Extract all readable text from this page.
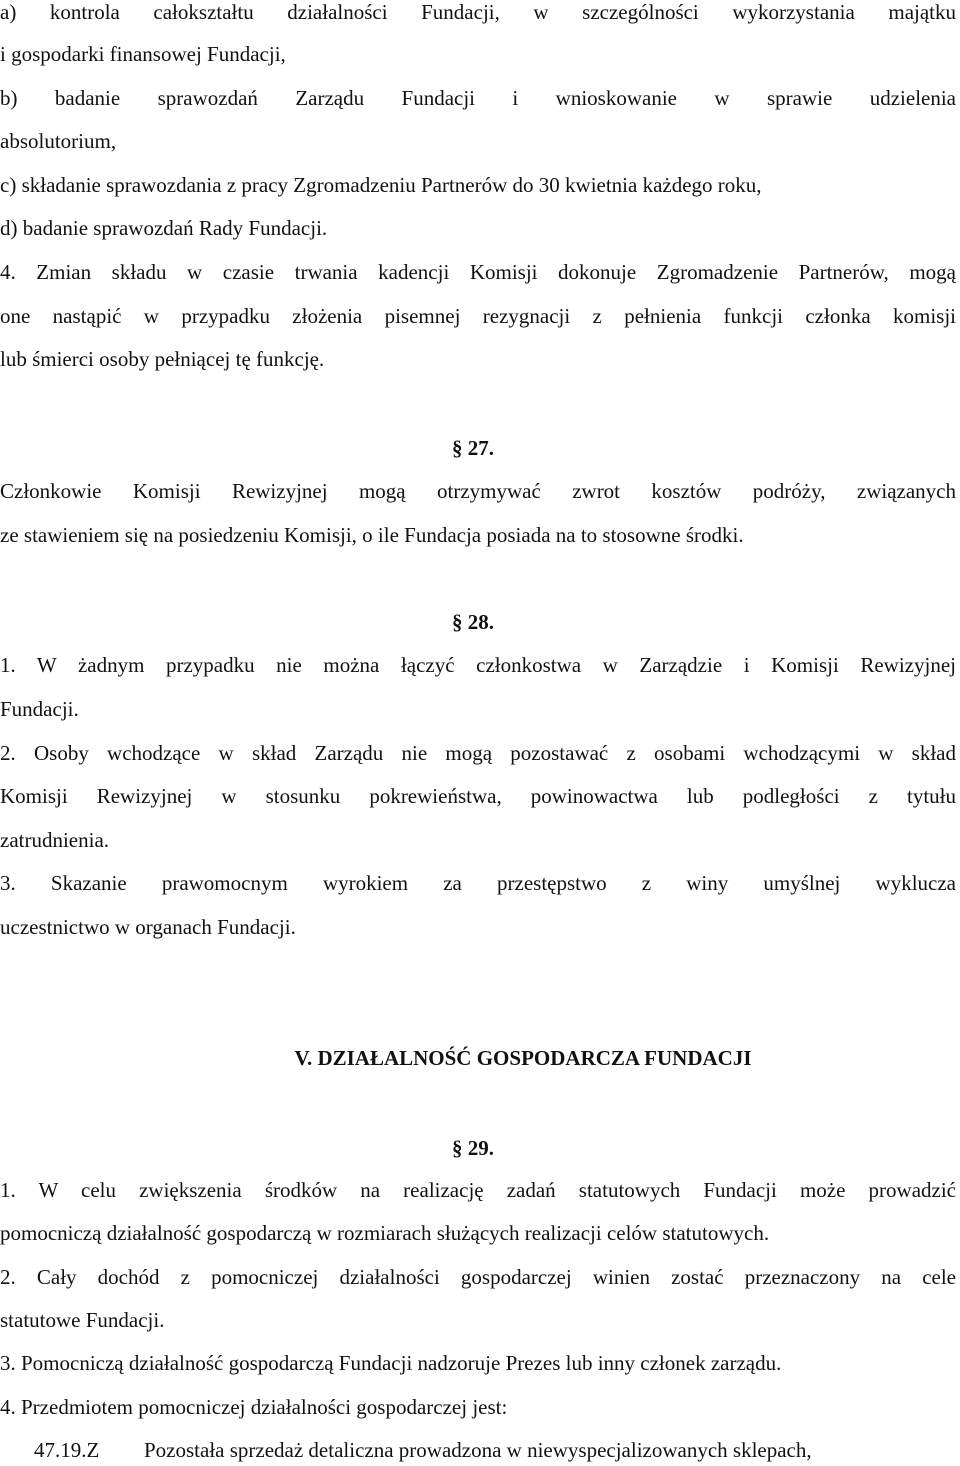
a) kontrola całokształtu działalności Fundacji, w szczególności wykorzystania majątku
i gospodarki finansowej Fundacji,
b) badanie sprawozdań Zarządu Fundacji i wnioskowanie w sprawie udzielenia
absolutorium,
c) składanie sprawozdania z pracy Zgromadzeniu Partnerów do 30 kwietnia każdego roku,
d) badanie sprawozdań Rady Fundacji.
4. Zmian składu w czasie trwania kadencji Komisji dokonuje Zgromadzenie Partnerów, mogą
one nastąpić w przypadku złożenia pisemnej rezygnacji z pełnienia funkcji członka komisji
lub śmierci osoby pełniącej tę funkcję.
§ 27.
Członkowie Komisji Rewizyjnej mogą otrzymywać zwrot kosztów podróży, związanych
ze stawieniem się na posiedzeniu Komisji, o ile Fundacja posiada na to stosowne środki.
§ 28.
1. W żadnym przypadku nie można łączyć członkostwa w Zarządzie i Komisji Rewizyjnej
Fundacji.
2. Osoby wchodzące w skład Zarządu nie mogą pozostawać z osobami wchodzącymi w skład
Komisji Rewizyjnej w stosunku pokrewieństwa, powinowactwa lub podległości z tytułu
zatrudnienia.
3. Skazanie prawomocnym wyrokiem za przestępstwo z winy umyślnej wyklucza
uczestnictwo w organach Fundacji.
V. DZIAŁALNOŚĆ GOSPODARCZA FUNDACJI
§ 29.
1. W celu zwiększenia środków na realizację zadań statutowych Fundacji może prowadzić
pomocniczą działalność gospodarczą w rozmiarach służących realizacji celów statutowych.
2. Cały dochód z pomocniczej działalności gospodarczej winien zostać przeznaczony na cele
statutowe Fundacji.
3. Pomocniczą działalność gospodarczą Fundacji nadzoruje Prezes lub inny członek zarządu.
4. Przedmiotem pomocniczej działalności gospodarczej jest:
47.19.Z Pozostała sprzedaż detaliczna prowadzona w niewyspecjalizowanych sklepach,
